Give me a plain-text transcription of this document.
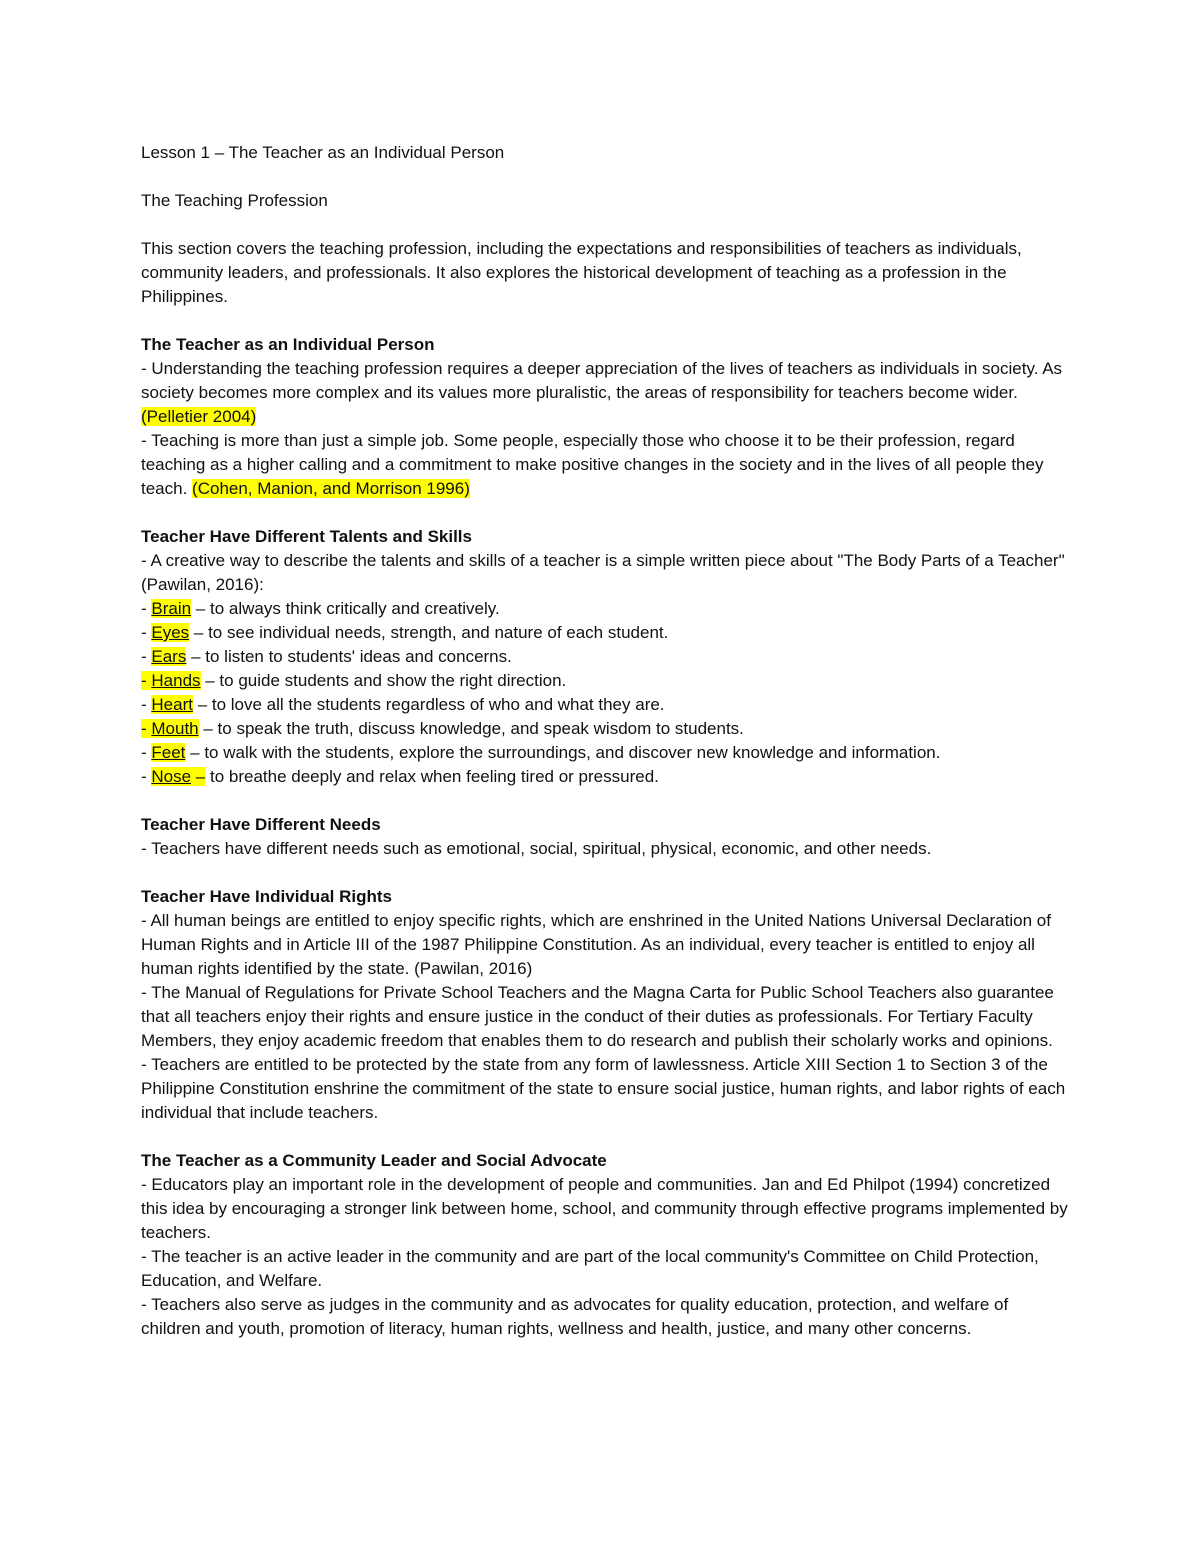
Lesson 1 – The Teacher as an Individual Person

The Teaching Profession

This section covers the teaching profession, including the expectations and responsibilities of teachers as individuals, community leaders, and professionals. It also explores the historical development of teaching as a profession in the Philippines.

The Teacher as an Individual Person

- Understanding the teaching profession requires a deeper appreciation of the lives of teachers as individuals in society. As society becomes more complex and its values more pluralistic, the areas of responsibility for teachers become wider. (Pelletier 2004)

- Teaching is more than just a simple job. Some people, especially those who choose it to be their profession, regard teaching as a higher calling and a commitment to make positive changes in the society and in the lives of all people they teach. (Cohen, Manion, and Morrison 1996)

Teacher Have Different Talents and Skills

- A creative way to describe the talents and skills of a teacher is a simple written piece about "The Body Parts of a Teacher" (Pawilan, 2016):

- Brain – to always think critically and creatively.

- Eyes – to see individual needs, strength, and nature of each student.

- Ears – to listen to students' ideas and concerns.

- Hands – to guide students and show the right direction.

- Heart – to love all the students regardless of who and what they are.

- Mouth – to speak the truth, discuss knowledge, and speak wisdom to students.

- Feet – to walk with the students, explore the surroundings, and discover new knowledge and information.

- Nose – to breathe deeply and relax when feeling tired or pressured.

Teacher Have Different Needs

- Teachers have different needs such as emotional, social, spiritual, physical, economic, and other needs.

Teacher Have Individual Rights

- All human beings are entitled to enjoy specific rights, which are enshrined in the United Nations Universal Declaration of Human Rights and in Article III of the 1987 Philippine Constitution. As an individual, every teacher is entitled to enjoy all human rights identified by the state. (Pawilan, 2016)

- The Manual of Regulations for Private School Teachers and the Magna Carta for Public School Teachers also guarantee that all teachers enjoy their rights and ensure justice in the conduct of their duties as professionals. For Tertiary Faculty Members, they enjoy academic freedom that enables them to do research and publish their scholarly works and opinions.

- Teachers are entitled to be protected by the state from any form of lawlessness. Article XIII Section 1 to Section 3 of the Philippine Constitution enshrine the commitment of the state to ensure social justice, human rights, and labor rights of each individual that include teachers.

The Teacher as a Community Leader and Social Advocate

- Educators play an important role in the development of people and communities. Jan and Ed Philpot (1994) concretized this idea by encouraging a stronger link between home, school, and community through effective programs implemented by teachers.

- The teacher is an active leader in the community and are part of the local community's Committee on Child Protection, Education, and Welfare.

- Teachers also serve as judges in the community and as advocates for quality education, protection, and welfare of children and youth, promotion of literacy, human rights, wellness and health, justice, and many other concerns.
